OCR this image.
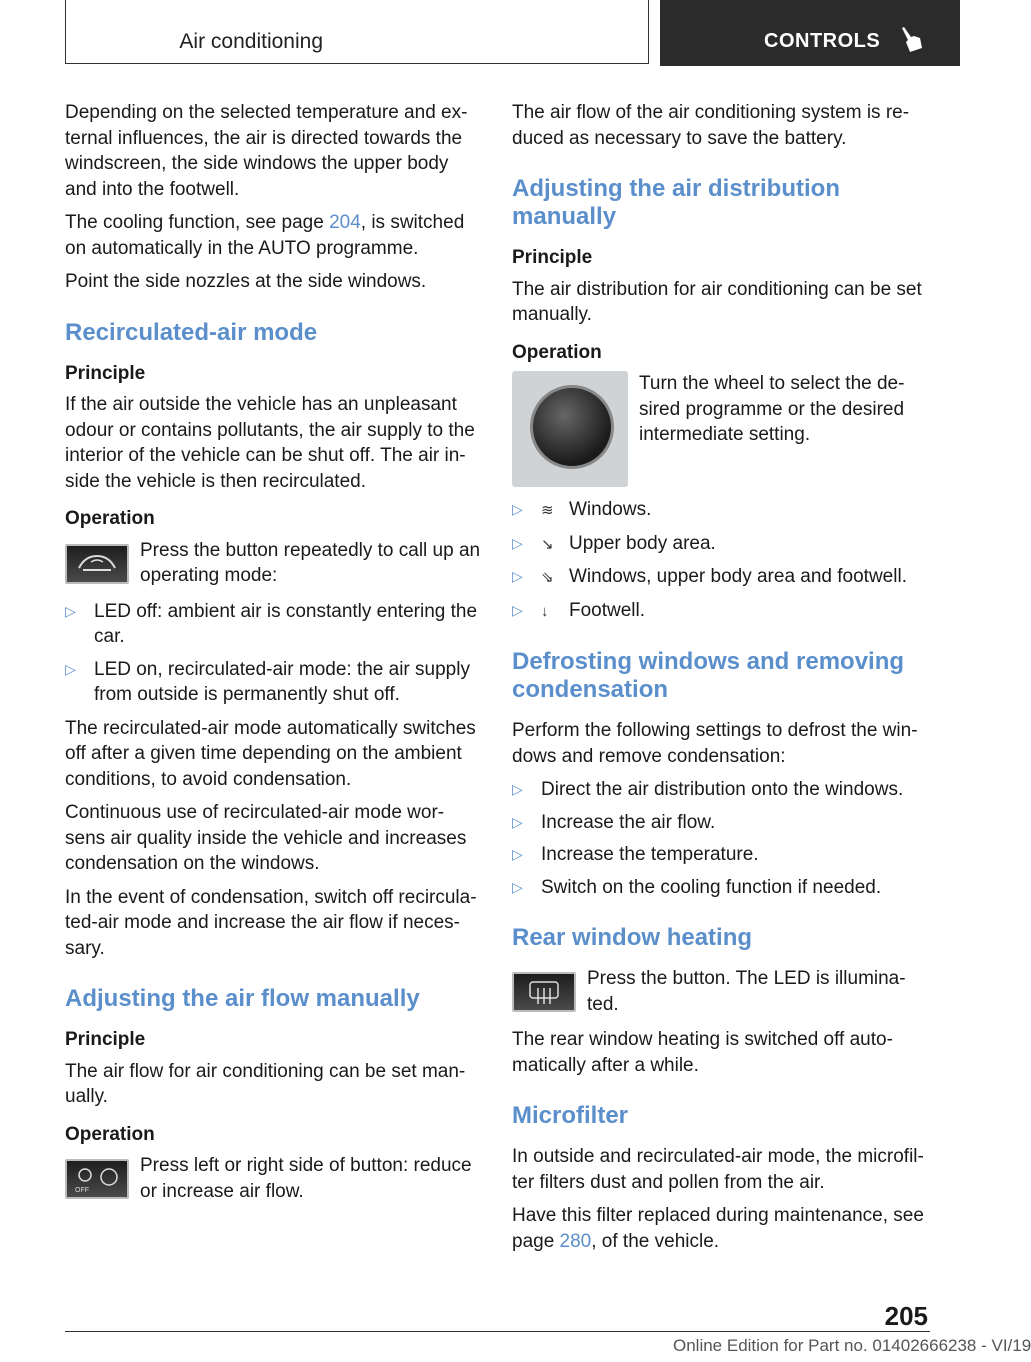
Air conditioning	CONTROLS

Depending on the selected temperature and ex-ternal influences, the air is directed towards the windscreen, the side windows the upper body and into the footwell.

The cooling function, see page 204, is switched on automatically in the AUTO programme.

Point the side nozzles at the side windows.

Recirculated-air mode
Principle

If the air outside the vehicle has an unpleasant odour or contains pollutants, the air supply to the interior of the vehicle can be shut off. The air in-side the vehicle is then recirculated.

Operation
Press the button repeatedly to call up an operating mode:
▷ LED off: ambient air is constantly entering the car.
▷ LED on, recirculated-air mode: the air supply from outside is permanently shut off.

The recirculated-air mode automatically switches off after a given time depending on the ambient conditions, to avoid condensation.

Continuous use of recirculated-air mode wor-sens air quality inside the vehicle and increases condensation on the windows.

In the event of condensation, switch off recircula-ted-air mode and increase the air flow if neces-sary.

Adjusting the air flow manually
Principle

The air flow for air conditioning can be set man-ually.

Operation
OFF
Press left or right side of button: reduce or increase air flow.

The air flow of the air conditioning system is re-duced as necessary to save the battery.

Adjusting the air distribution manually
Principle

The air distribution for air conditioning can be set manually.

Operation
Turn the wheel to select the de-sired programme or the desired intermediate setting.
▷ ≋ Windows.
▷ ↘ Upper body area.
▷ ⇘ Windows, upper body area and footwell.
▷ ↓ Footwell.
Defrosting windows and removing condensation

Perform the following settings to defrost the win-dows and remove condensation:

▷ Direct the air distribution onto the windows.
▷ Increase the air flow.
▷ Increase the temperature.
▷ Switch on the cooling function if needed.
Rear window heating
Press the button. The LED is illumina-ted.

The rear window heating is switched off auto-matically after a while.

Microfilter

In outside and recirculated-air mode, the microfil-ter filters dust and pollen from the air.

Have this filter replaced during maintenance, see page 280, of the vehicle.

205
Online Edition for Part no. 01402666238 - VI/19
